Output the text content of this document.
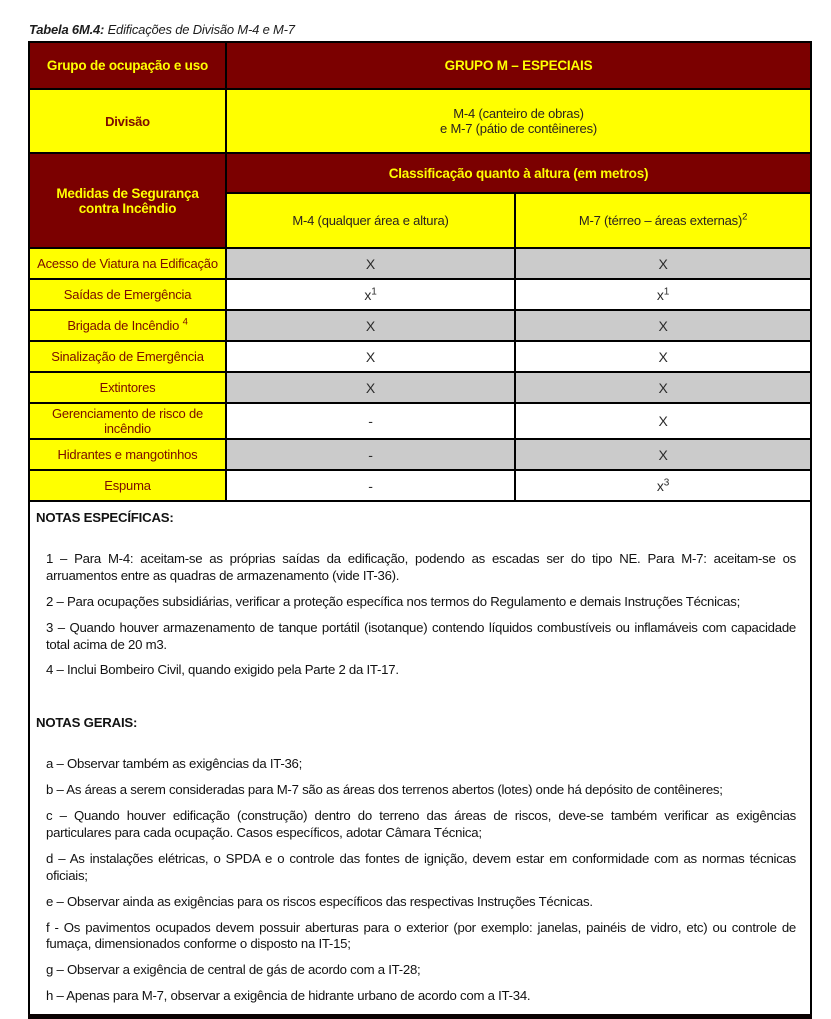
Tabela 6M.4: Edificações de Divisão M-4 e M-7
Grupo de ocupação e uso	GRUPO M – ESPECIAIS	
Divisão	M-4 (canteiro de obras)
e M-7 (pátio de contêineres)	

Medidas de Segurança contra Incêndio	Classificação quanto à altura (em metros)	
	M-4 (qualquer área e altura)	M-7 (térreo – áreas externas)$^2$
Acesso de Viatura na Edificação	X	X
Saídas de Emergência	$x^1$	$x^1$
Brigada de Incêndio $^4$	X	X
Sinalização de Emergência	X	X
Extintores	X	X
Gerenciamento de risco de incêndio	-	X
Hidrantes e mangotinhos	-	X
Espuma	-	$x^3$

NOTAS ESPECÍFICAS:

1 – Para M-4: aceitam-se as próprias saídas da edificação, podendo as escadas ser do tipo NE. Para M-7: aceitam-se os arruamentos entre as quadras de armazenamento (vide IT-36).

2 – Para ocupações subsidiárias, verificar a proteção específica nos termos do Regulamento e demais Instruções Técnicas;

3 – Quando houver armazenamento de tanque portátil (isotanque) contendo líquidos combustíveis ou inflamáveis com capacidade total acima de 20 m3.

4 – Inclui Bombeiro Civil, quando exigido pela Parte 2 da IT-17.

NOTAS GERAIS:

a – Observar também as exigências da IT-36;

b – As áreas a serem consideradas para M-7 são as áreas dos terrenos abertos (lotes) onde há depósito de contêineres;

c – Quando houver edificação (construção) dentro do terreno das áreas de riscos, deve-se também verificar as exigências particulares para cada ocupação. Casos específicos, adotar Câmara Técnica;

d – As instalações elétricas, o SPDA e o controle das fontes de ignição, devem estar em conformidade com as normas técnicas oficiais;

e – Observar ainda as exigências para os riscos específicos das respectivas Instruções Técnicas.

f - Os pavimentos ocupados devem possuir aberturas para o exterior (por exemplo: janelas, painéis de vidro, etc) ou controle de fumaça, dimensionados conforme o disposto na IT-15;

g – Observar a exigência de central de gás de acordo com a IT-28;

h – Apenas para M-7, observar a exigência de hidrante urbano de acordo com a IT-34.
